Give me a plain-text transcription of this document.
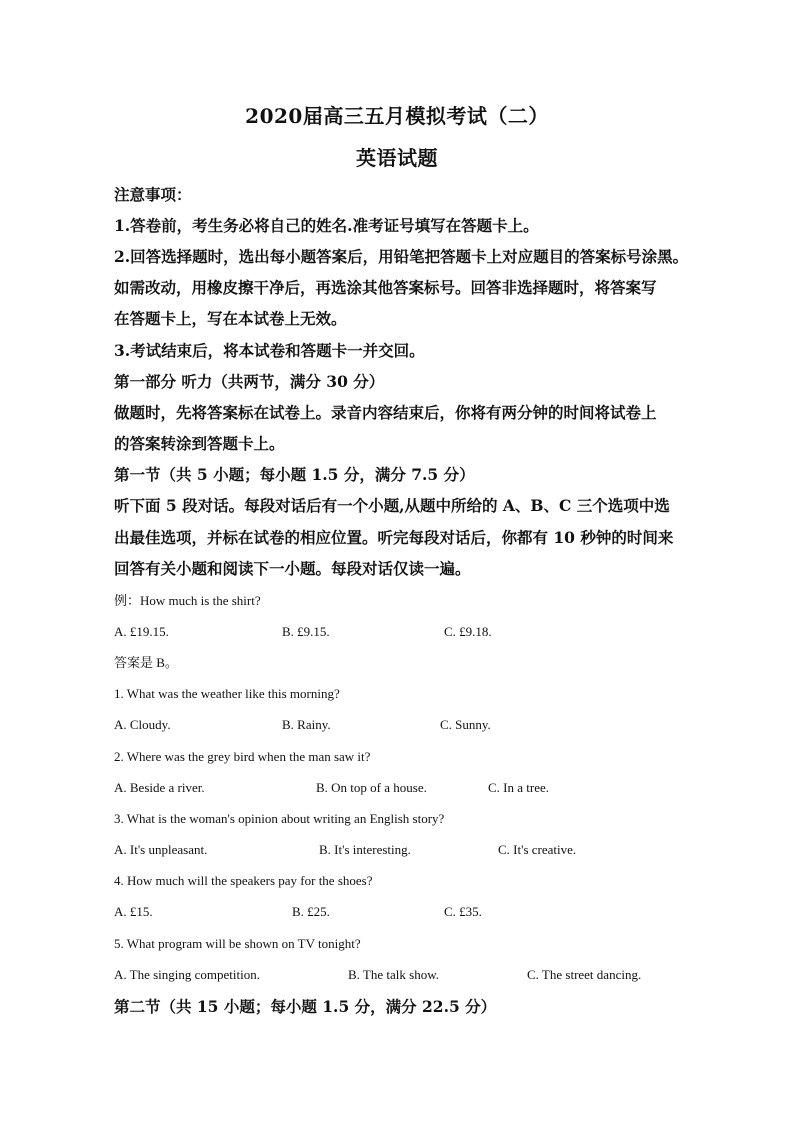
2020届高三五月模拟考试（二）
英语试题
注意事项：
1.答卷前，考生务必将自己的姓名.准考证号填写在答题卡上。
2.回答选择题时，选出每小题答案后，用铅笔把答题卡上对应题目的答案标号涂黑。
如需改动，用橡皮擦干净后，再选涂其他答案标号。回答非选择题时，将答案写
在答题卡上，写在本试卷上无效。
3.考试结束后，将本试卷和答题卡一并交回。
第一部分 听力（共两节，满分 30 分）
做题时，先将答案标在试卷上。录音内容结束后，你将有两分钟的时间将试卷上
的答案转涂到答题卡上。
第一节（共 5 小题；每小题 1.5 分，满分 7.5 分）
听下面 5 段对话。每段对话后有一个小题,从题中所给的 A、B、C 三个选项中选
出最佳选项，并标在试卷的相应位置。听完每段对话后，你都有 10 秒钟的时间来
回答有关小题和阅读下一小题。每段对话仅读一遍。
例：How much is the shirt?
A. £19.15.	B. £9.15.	C. £9.18.
答案是 B。
1. What was the weather like this morning?
A. Cloudy.	B. Rainy.	C. Sunny.
2. Where was the grey bird when the man saw it?
A. Beside a river.	B. On top of a house.	C. In a tree.
3. What is the woman's opinion about writing an English story?
A. It's unpleasant.	B. It's interesting.	C. It's creative.
4. How much will the speakers pay for the shoes?
A. £15.	B. £25.	C. £35.
5. What program will be shown on TV tonight?
A. The singing competition.	B. The talk show.	C. The street dancing.
第二节（共 15 小题；每小题 1.5 分，满分 22.5 分）
